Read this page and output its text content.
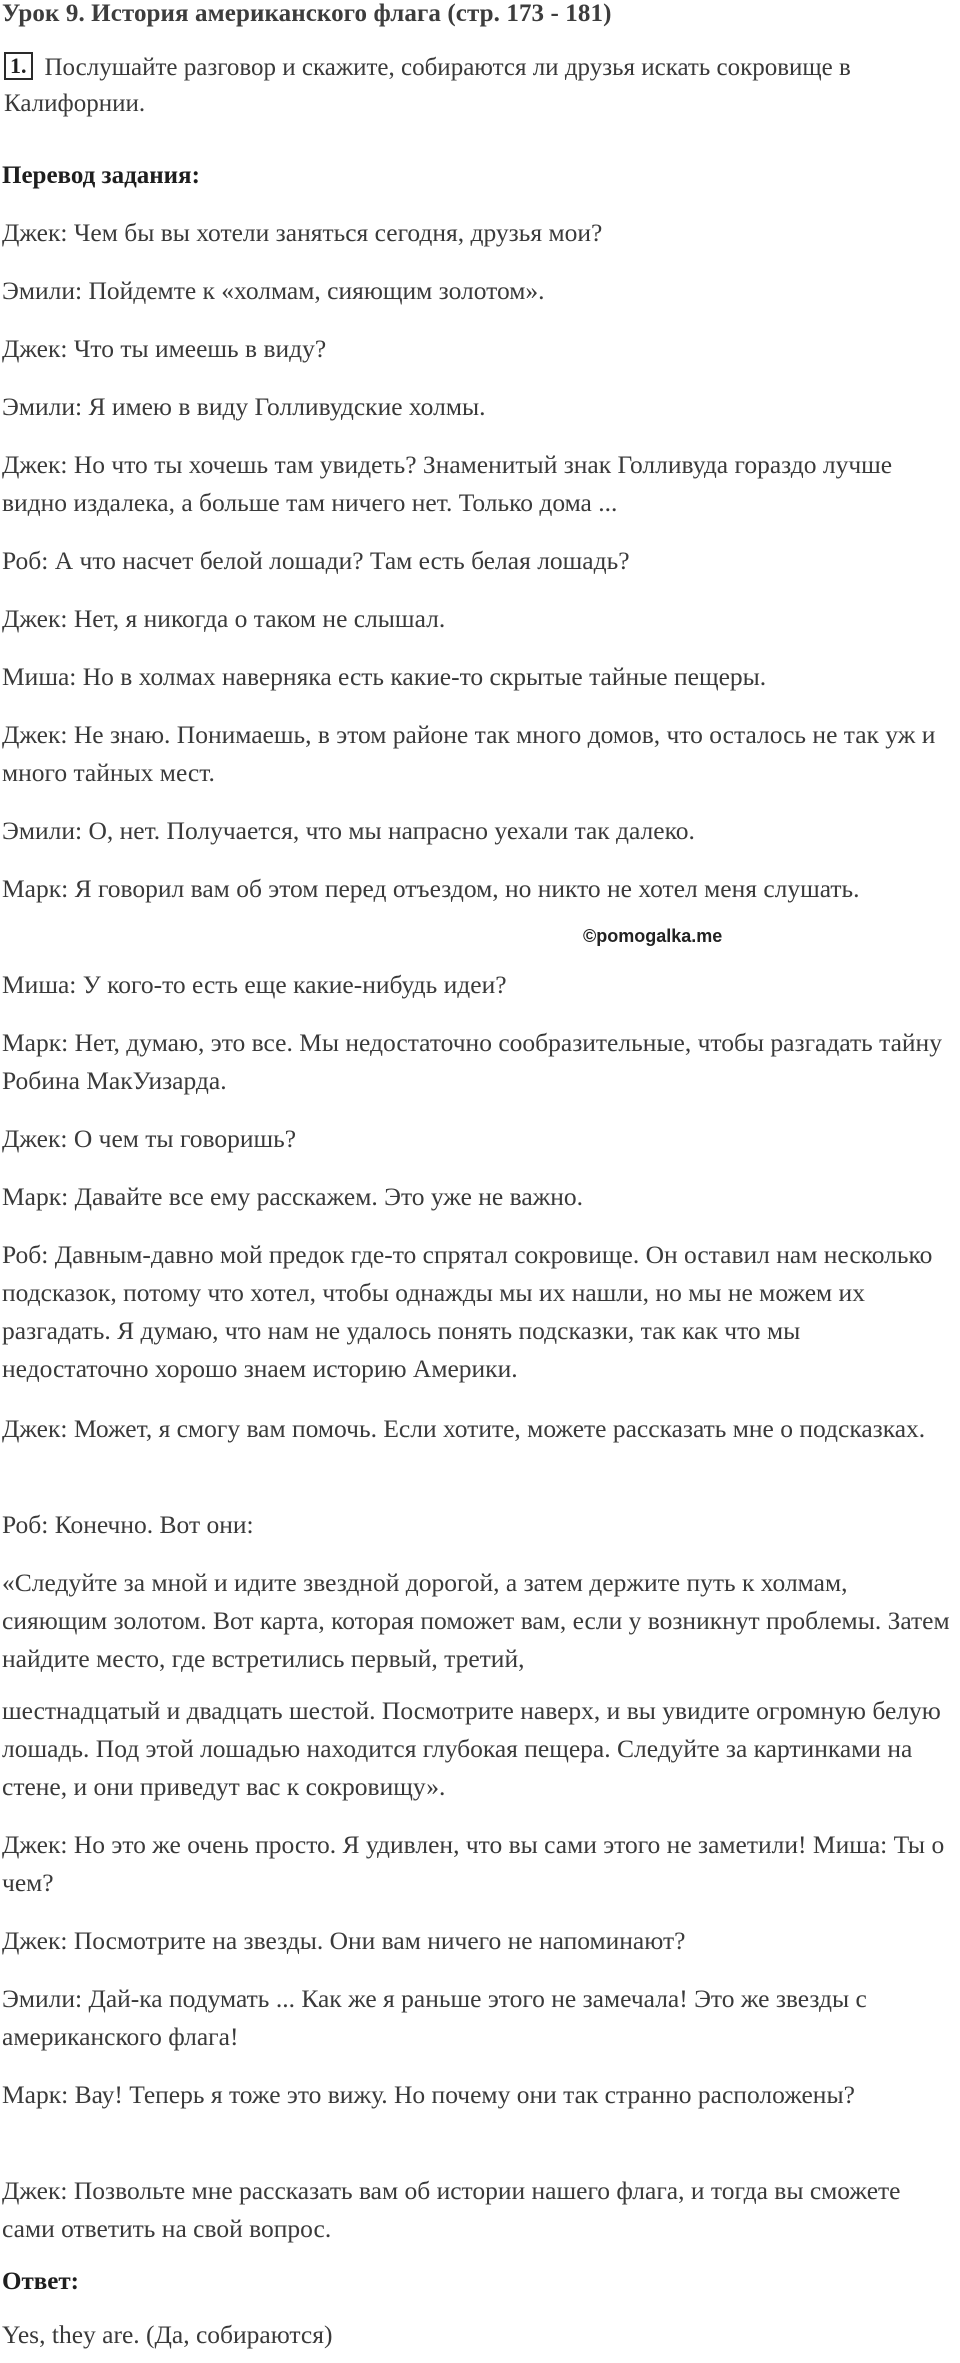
Урок 9. История американского флага (стр. 173 - 181)
1. Послушайте разговор и скажите, собираются ли друзья искать сокровище в Калифорнии.
Перевод задания:
Джек: Чем бы вы хотели заняться сегодня, друзья мои?
Эмили: Пойдемте к «холмам, сияющим золотом».
Джек: Что ты имеешь в виду?
Эмили: Я имею в виду Голливудские холмы.
Джек: Но что ты хочешь там увидеть? Знаменитый знак Голливуда гораздо лучше видно издалека, а больше там ничего нет. Только дома ...
Роб: А что насчет белой лошади? Там есть белая лошадь?
Джек: Нет, я никогда о таком не слышал.
Миша: Но в холмах наверняка есть какие-то скрытые тайные пещеры.
Джек: Не знаю. Понимаешь, в этом районе так много домов, что осталось не так уж и много тайных мест.
Эмили: О, нет. Получается, что мы напрасно уехали так далеко.
Марк: Я говорил вам об этом перед отъездом, но никто не хотел меня слушать.
©pomogalka.me
Миша: У кого-то есть еще какие-нибудь идеи?
Марк: Нет, думаю, это все. Мы недостаточно сообразительные, чтобы разгадать тайну Робина МакУизарда.
Джек: О чем ты говоришь?
Марк: Давайте все ему расскажем. Это уже не важно.
Роб: Давным-давно мой предок где-то спрятал сокровище. Он оставил нам несколько подсказок, потому что хотел, чтобы однажды мы их нашли, но мы не можем их разгадать. Я думаю, что нам не удалось понять подсказки, так как что мы недостаточно хорошо знаем историю Америки.
Джек: Может, я смогу вам помочь. Если хотите, можете рассказать мне о подсказках.
Роб: Конечно. Вот они:
«Следуйте за мной и идите звездной дорогой, а затем держите путь к холмам, сияющим золотом. Вот карта, которая поможет вам, если у возникнут проблемы. Затем найдите место, где встретились первый, третий,
шестнадцатый и двадцать шестой. Посмотрите наверх, и вы увидите огромную белую лошадь. Под этой лошадью находится глубокая пещера. Следуйте за картинками на стене, и они приведут вас к сокровищу».
Джек: Но это же очень просто. Я удивлен, что вы сами этого не заметили! Миша: Ты о чем?
Джек: Посмотрите на звезды. Они вам ничего не напоминают?
Эмили: Дай-ка подумать ... Как же я раньше этого не замечала! Это же звезды с американского флага!
Марк: Вау! Теперь я тоже это вижу. Но почему они так странно расположены?
Джек: Позвольте мне рассказать вам об истории нашего флага, и тогда вы сможете сами ответить на свой вопрос.
Ответ:
Yes, they are. (Да, собираются)
